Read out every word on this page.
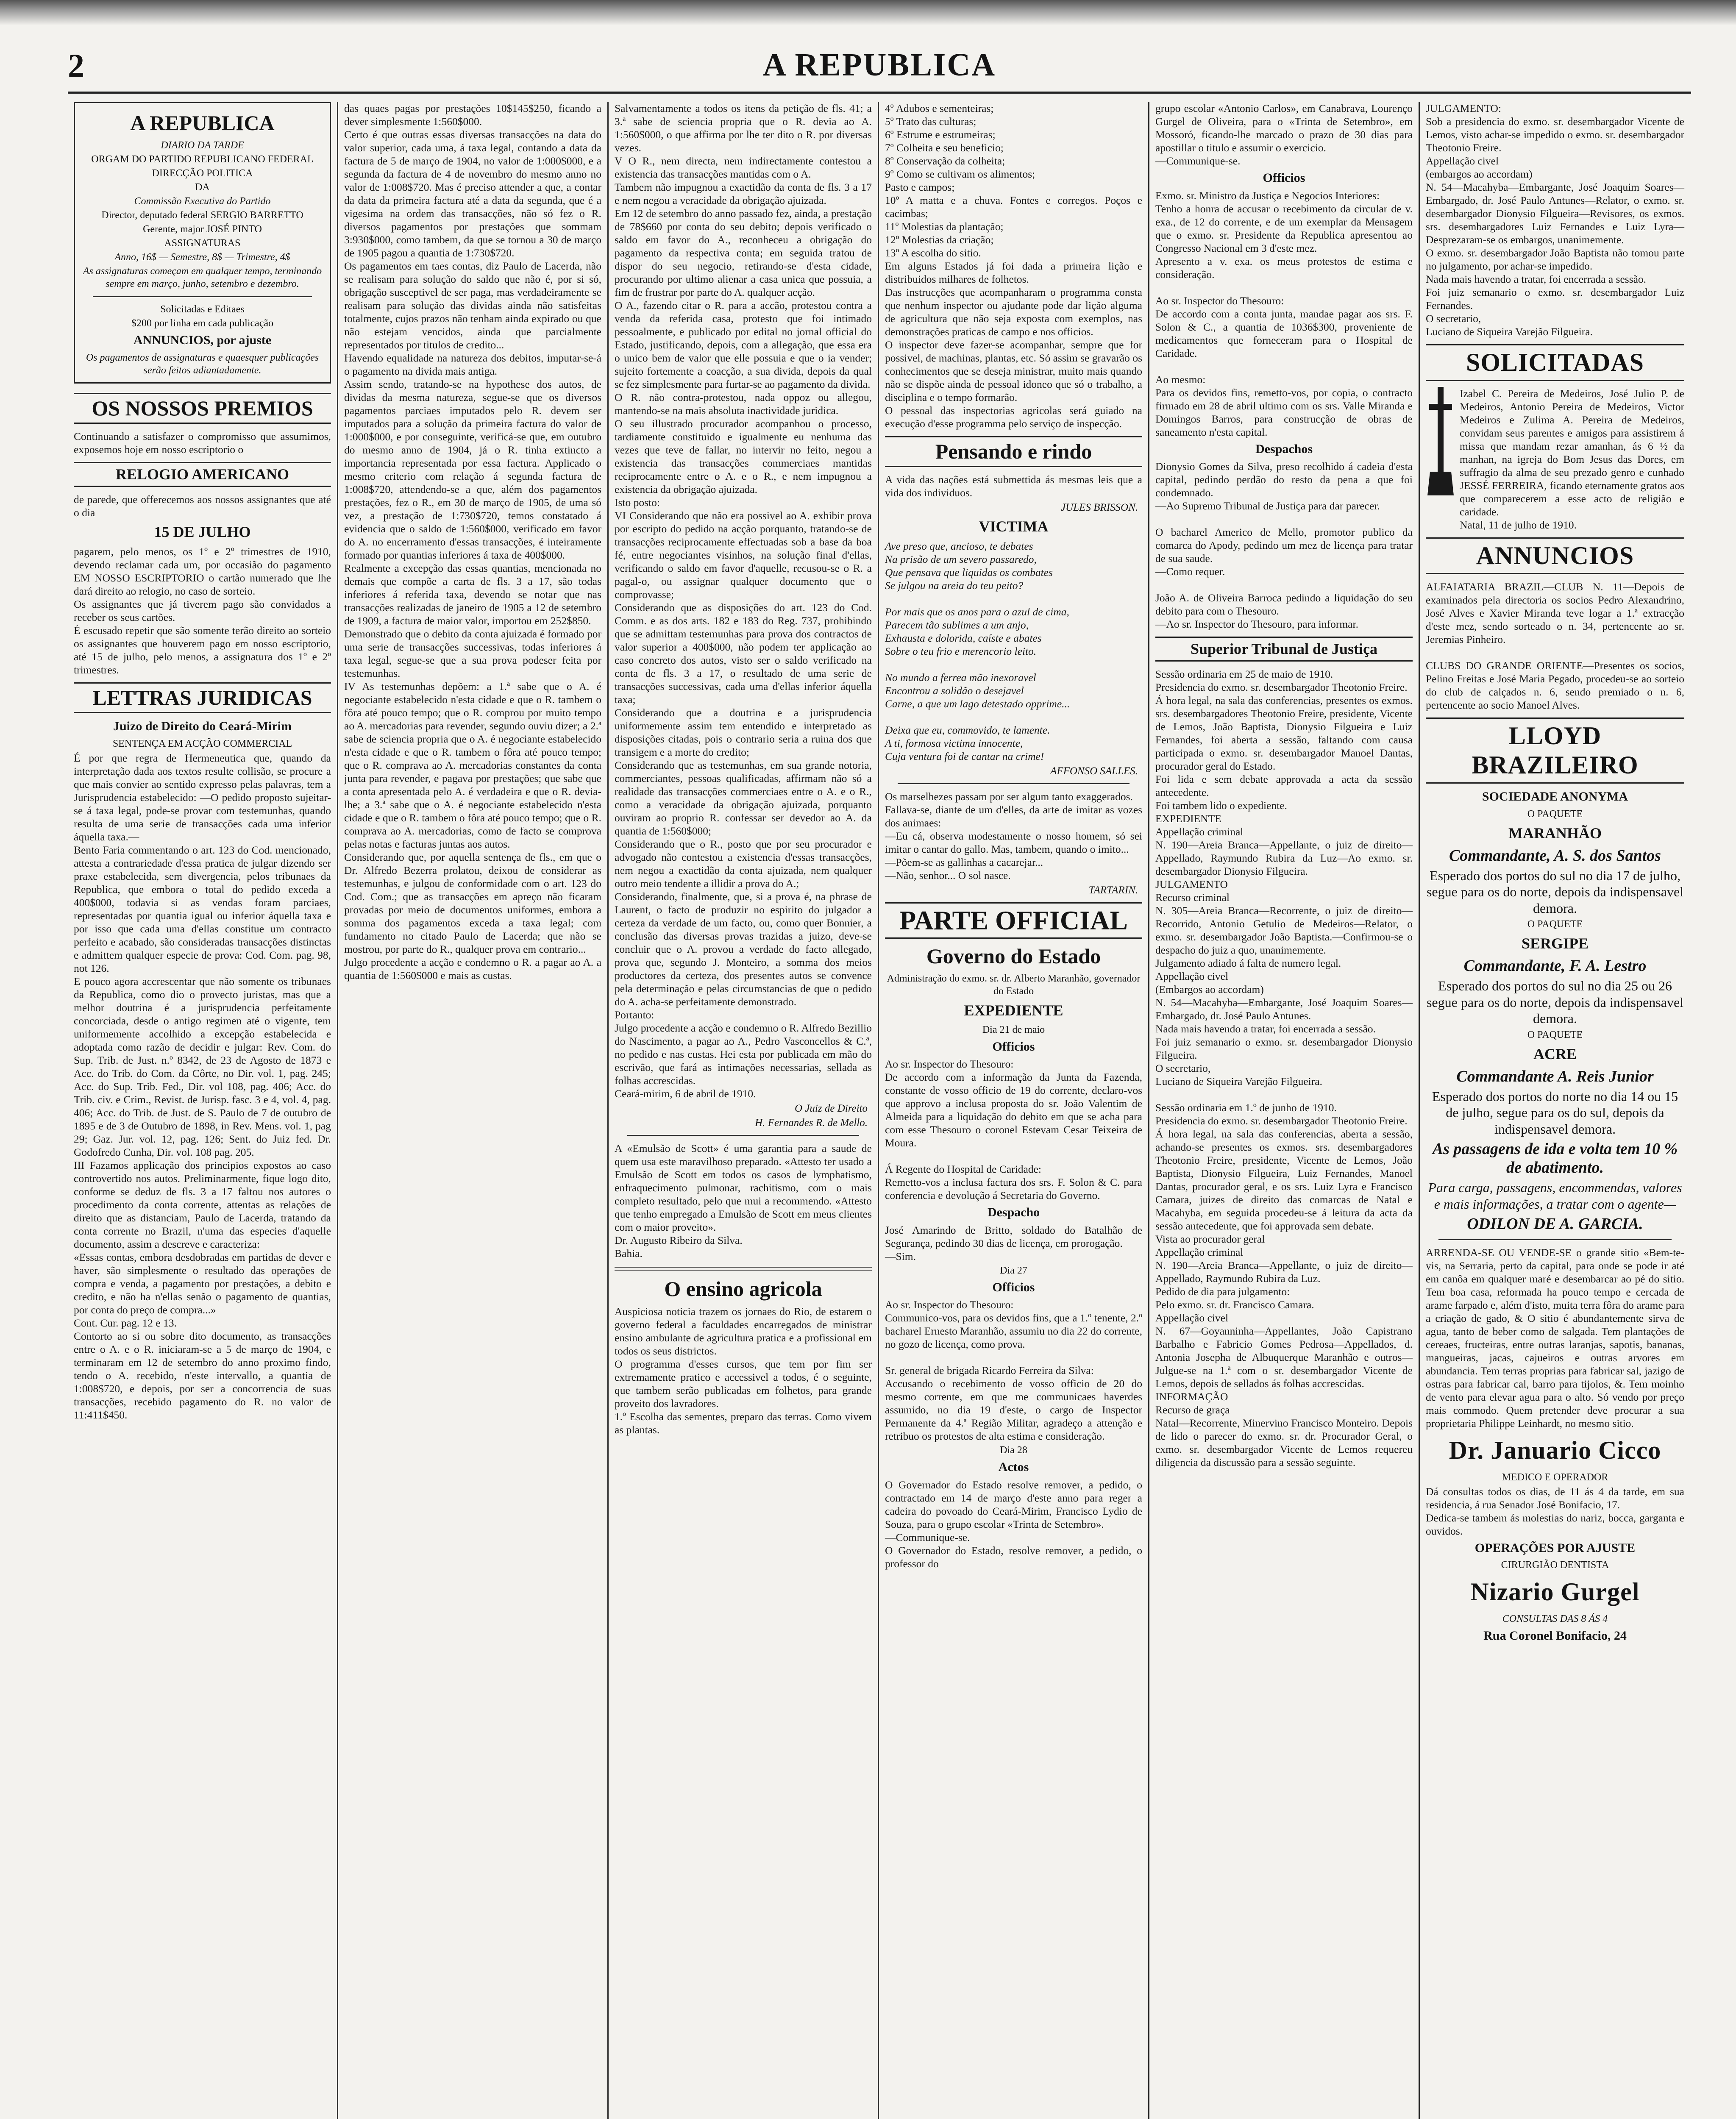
2	A REPUBLICA
A REPUBLICA
DIARIO DA TARDE
ORGAM DO PARTIDO REPUBLICANO FEDERAL
DIRECÇÃO POLITICA
DA
Commissão Executiva do Partido
Director, deputado federal SERGIO BARRETTO
Gerente, major JOSÉ PINTO
ASSIGNATURAS
Anno, 16$ — Semestre, 8$ — Trimestre, 4$
As assignaturas começam em qualquer tempo, terminando sempre em março, junho, setembro e dezembro.
Solicitadas e Editaes
$200 por linha em cada publicação
ANNUNCIOS, por ajuste
Os pagamentos de assignaturas e quaesquer publicações serão feitos adiantadamente.
OS NOSSOS PREMIOS

Continuando a satisfazer o compromisso que assumimos, exposemos hoje em nosso escriptorio o

RELOGIO AMERICANO

de parede, que offerecemos aos nossos assignantes que até o dia

15 DE JULHO

pagarem, pelo menos, os 1º e 2º trimestres de 1910, devendo reclamar cada um, por occasião do pagamento EM NOSSO ESCRIPTORIO o cartão numerado que lhe dará direito ao relogio, no caso de sorteio.
Os assignantes que já tiverem pago são convidados a receber os seus cartões.
É escusado repetir que são somente terão direito ao sorteio os assignantes que houverem pago em nosso escriptorio, até 15 de julho, pelo menos, a assignatura dos 1º e 2º trimestres.

LETTRAS JURIDICAS
Juizo de Direito do Ceará-Mirim
SENTENÇA EM ACÇÃO COMMERCIAL

É por que regra de Hermeneutica que, quando da interpretação dada aos textos resulte collisão, se procure a que mais convier ao sentido expresso pelas palavras, tem a Jurisprudencia estabelecido: —O pedido proposto sujeitar-se á taxa legal, pode-se provar com testemunhas, quando resulta de uma serie de transacções cada uma inferior áquella taxa.—
Bento Faria commentando o art. 123 do Cod. mencionado, attesta a contrariedade d'essa pratica de julgar dizendo ser praxe estabelecida, sem divergencia, pelos tribunaes da Republica, que embora o total do pedido exceda a 400$000, todavia si as vendas foram parciaes, representadas por quantia igual ou inferior áquella taxa e por isso que cada uma d'ellas constitue um contracto perfeito e acabado, são consideradas transacções distinctas e admittem qualquer especie de prova: Cod. Com. pag. 98, not 126.
E pouco agora accrescentar que não somente os tribunaes da Republica, como dio o provecto juristas, mas que a melhor doutrina é a jurisprudencia perfeitamente concorciada, desde o antigo regimen até o vigente, tem uniformemente accolhido a excepção estabelecida e adoptada como razão de decidir e julgar: Rev. Com. do Sup. Trib. de Just. n.º 8342, de 23 de Agosto de 1873 e Acc. do Trib. do Com. da Côrte, no Dir. vol. 1, pag. 245; Acc. do Sup. Trib. Fed., Dir. vol 108, pag. 406; Acc. do Trib. civ. e Crim., Revist. de Jurisp. fasc. 3 e 4, vol. 4, pag. 406; Acc. do Trib. de Just. de S. Paulo de 7 de outubro de 1895 e de 3 de Outubro de 1898, in Rev. Mens. vol. 1, pag 29; Gaz. Jur. vol. 12, pag. 126; Sent. do Juiz fed. Dr. Godofredo Cunha, Dir. vol. 108 pag. 205.
III Fazamos applicação dos principios expostos ao caso controvertido nos autos. Preliminarmente, fique logo dito, conforme se deduz de fls. 3 a 17 faltou nos autores o procedimento da conta corrente, attentas as relações de direito que as distanciam, Paulo de Lacerda, tratando da conta corrente no Brazil, n'uma das especies d'aquelle documento, assim a descreve e caracteriza:
«Essas contas, embora desdobradas em partidas de dever e haver, são simplesmente o resultado das operações de compra e venda, a pagamento por prestações, a debito e credito, e não ha n'ellas senão o pagamento de quantias, por conta do preço de compra...»
Cont. Cur. pag. 12 e 13.
Contorto ao si ou sobre dito documento, as transacções entre o A. e o R. iniciaram-se a 5 de março de 1904, e terminaram em 12 de setembro do anno proximo findo, tendo o A. recebido, n'este intervallo, a quantia de 1:008$720, e depois, por ser a concorrencia de suas transacções, recebido pagamento do R. no valor de 11:411$450.

das quaes pagas por prestações 10$145$250, ficando a dever simplesmente 1:560$000.
Certo é que outras essas diversas transacções na data do valor superior, cada uma, á taxa legal, contando a data da factura de 5 de março de 1904, no valor de 1:000$000, e a segunda da factura de 4 de novembro do mesmo anno no valor de 1:008$720. Mas é preciso attender a que, a contar da data da primeira factura até a data da segunda, que é a vigesima na ordem das transacções, não só fez o R. diversos pagamentos por prestações que sommam 3:930$000, como tambem, da que se tornou a 30 de março de 1905 pagou a quantia de 1:730$720.
Os pagamentos em taes contas, diz Paulo de Lacerda, não se realisam para solução do saldo que não é, por si só, obrigação susceptivel de ser paga, mas verdadeiramente se realisam para solução das dividas ainda não satisfeitas totalmente, cujos prazos não tenham ainda expirado ou que não estejam vencidos, ainda que parcialmente representados por titulos de credito...
Havendo equalidade na natureza dos debitos, imputar-se-á o pagamento na divida mais antiga.
Assim sendo, tratando-se na hypothese dos autos, de dividas da mesma natureza, segue-se que os diversos pagamentos parciaes imputados pelo R. devem ser imputados para a solução da primeira factura do valor de 1:000$000, e por conseguinte, verificá-se que, em outubro do mesmo anno de 1904, já o R. tinha extincto a importancia representada por essa factura. Applicado o mesmo criterio com relação á segunda factura de 1:008$720, attendendo-se a que, além dos pagamentos prestações, fez o R., em 30 de março de 1905, de uma só vez, a prestação de 1:730$720, temos constatado á evidencia que o saldo de 1:560$000, verificado em favor do A. no encerramento d'essas transacções, é inteiramente formado por quantias inferiores á taxa de 400$000.
Realmente a excepção das essas quantias, mencionada no demais que compõe a carta de fls. 3 a 17, são todas inferiores á referida taxa, devendo se notar que nas transacções realizadas de janeiro de 1905 a 12 de setembro de 1909, a factura de maior valor, importou em 252$850.
Demonstrado que o debito da conta ajuizada é formado por uma serie de transacções successivas, todas inferiores á taxa legal, segue-se que a sua prova podeser feita por testemunhas.
IV As testemunhas depõem: a 1.ª sabe que o A. é negociante estabelecido n'esta cidade e que o R. tambem o fôra até pouco tempo; que o R. comprou por muito tempo ao A. mercadorias para revender, segundo ouviu dizer; a 2.ª sabe de sciencia propria que o A. é negociante estabelecido n'esta cidade e que o R. tambem o fôra até pouco tempo; que o R. comprava ao A. mercadorias constantes da conta junta para revender, e pagava por prestações; que sabe que a conta apresentada pelo A. é verdadeira e que o R. devia-lhe; a 3.ª sabe que o A. é negociante estabelecido n'esta cidade e que o R. tambem o fôra até pouco tempo; que o R. comprava ao A. mercadorias, como de facto se comprova pelas notas e facturas juntas aos autos.
Considerando que, por aquella sentença de fls., em que o Dr. Alfredo Bezerra prolatou, deixou de considerar as testemunhas, e julgou de conformidade com o art. 123 do Cod. Com.; que as transacções em apreço não ficaram provadas por meio de documentos uniformes, embora a somma dos pagamentos exceda a taxa legal; com fundamento no citado Paulo de Lacerda; que não se mostrou, por parte do R., qualquer prova em contrario...
Julgo procedente a acção e condemno o R. a pagar ao A. a quantia de 1:560$000 e mais as custas.

Salvamentamente a todos os itens da petição de fls. 41; a 3.ª sabe de sciencia propria que o R. devia ao A. 1:560$000, o que affirma por lhe ter dito o R. por diversas vezes.
V O R., nem directa, nem indirectamente contestou a existencia das transacções mantidas com o A.
Tambem não impugnou a exactidão da conta de fls. 3 a 17 e nem negou a veracidade da obrigação ajuizada.
Em 12 de setembro do anno passado fez, ainda, a prestação de 78$660 por conta do seu debito; depois verificado o saldo em favor do A., reconheceu a obrigação do pagamento da respectiva conta; em seguida tratou de dispor do seu negocio, retirando-se d'esta cidade, procurando por ultimo alienar a casa unica que possuia, a fim de frustrar por parte do A. qualquer acção.
O A., fazendo citar o R. para a accão, protestou contra a venda da referida casa, protesto que foi intimado pessoalmente, e publicado por edital no jornal official do Estado, justificando, depois, com a allegação, que essa era o unico bem de valor que elle possuia e que o ia vender; sujeito fortemente a coacção, a sua divida, depois da qual se fez simplesmente para furtar-se ao pagamento da divida.
O R. não contra-protestou, nada oppoz ou allegou, mantendo-se na mais absoluta inactividade juridica.
O seu illustrado procurador acompanhou o processo, tardiamente constituido e igualmente eu nenhuma das vezes que teve de fallar, no intervir no feito, negou a existencia das transacções commerciaes mantidas reciprocamente entre o A. e o R., e nem impugnou a existencia da obrigação ajuizada.
Isto posto:
VI Considerando que não era possivel ao A. exhibir prova por escripto do pedido na acção porquanto, tratando-se de transacções reciprocamente effectuadas sob a base da boa fé, entre negociantes visinhos, na solução final d'ellas, verificando o saldo em favor d'aquelle, recusou-se o R. a pagal-o, ou assignar qualquer documento que o comprovasse;
Considerando que as disposições do art. 123 do Cod. Comm. e as dos arts. 182 e 183 do Reg. 737, prohibindo que se admittam testemunhas para prova dos contractos de valor superior a 400$000, não podem ter applicação ao caso concreto dos autos, visto ser o saldo verificado na conta de fls. 3 a 17, o resultado de uma serie de transacções successivas, cada uma d'ellas inferior áquella taxa;
Considerando que a doutrina e a jurisprudencia uniformemente assim tem entendido e interpretado as disposições citadas, pois o contrario seria a ruina dos que transigem e a morte do credito;
Considerando que as testemunhas, em sua grande notoria, commerciantes, pessoas qualificadas, affirmam não só a realidade das transacções commerciaes entre o A. e o R., como a veracidade da obrigação ajuizada, porquanto ouviram ao proprio R. confessar ser devedor ao A. da quantia de 1:560$000;
Considerando que o R., posto que por seu procurador e advogado não contestou a existencia d'essas transacções, nem negou a exactidão da conta ajuizada, nem qualquer outro meio tendente a illidir a prova do A.;
Considerando, finalmente, que, si a prova é, na phrase de Laurent, o facto de produzir no espirito do julgador a certeza da verdade de um facto, ou, como quer Bonnier, a conclusão das diversas provas trazidas a juizo, deve-se concluir que o A. provou a verdade do facto allegado, prova que, segundo J. Monteiro, a somma dos meios productores da certeza, dos presentes autos se convence pela determinação e pelas circumstancias de que o pedido do A. acha-se perfeitamente demonstrado.
Portanto:
Julgo procedente a acção e condemno o R. Alfredo Bezillio do Nascimento, a pagar ao A., Pedro Vasconcellos & C.ª, no pedido e nas custas. Hei esta por publicada em mão do escrivão, que fará as intimações necessarias, sellada as folhas accrescidas.
Ceará-mirim, 6 de abril de 1910.

O Juiz de Direito
H. Fernandes R. de Mello.

A «Emulsão de Scott» é uma garantia para a saude de quem usa este maravilhoso preparado. «Attesto ter usado a Emulsão de Scott em todos os casos de lymphatismo, enfraquecimento pulmonar, rachitismo, com o mais completo resultado, pelo que mui a recommendo. «Attesto que tenho empregado a Emulsão de Scott em meus clientes com o maior proveito».
Dr. Augusto Ribeiro da Silva.
Bahia.

O ensino agricola

Auspiciosa noticia trazem os jornaes do Rio, de estarem o governo federal a faculdades encarregados de ministrar ensino ambulante de agricultura pratica e a profissional em todos os seus districtos.
O programma d'esses cursos, que tem por fim ser extremamente pratico e accessivel a todos, é o seguinte, que tambem serão publicadas em folhetos, para grande proveito dos lavradores.
1.º Escolha das sementes, preparo das terras. Como vivem as plantas.

4º Adubos e sementeiras;
5º Trato das culturas;
6º Estrume e estrumeiras;
7º Colheita e seu beneficio;
8º Conservação da colheita;
9º Como se cultivam os alimentos;
Pasto e campos;
10º A matta e a chuva. Fontes e corregos. Poços e cacimbas;
11º Molestias da plantação;
12º Molestias da criação;
13º A escolha do sitio.
Em alguns Estados já foi dada a primeira lição e distribuidos milhares de folhetos.
Das instrucções que acompanharam o programma consta que nenhum inspector ou ajudante pode dar lição alguma de agricultura que não seja exposta com exemplos, nas demonstrações praticas de campo e nos officios.
O inspector deve fazer-se acompanhar, sempre que for possivel, de machinas, plantas, etc. Só assim se gravarão os conhecimentos que se deseja ministrar, muito mais quando não se dispõe ainda de pessoal idoneo que só o trabalho, a disciplina e o tempo formarão.
O pessoal das inspectorias agricolas será guiado na execução d'esse programma pelo serviço de inspecção.

Pensando e rindo

A vida das nações está submettida ás mesmas leis que a vida dos individuos.

JULES BRISSON.
VICTIMA

Ave preso que, ancioso, te debates
Na prisão de um severo passaredo,
Que pensava que liquidas os combates
Se julgou na areia do teu peito?

Por mais que os anos para o azul de cima,
Parecem tão sublimes a um anjo,
Exhausta e dolorida, caíste e abates
Sobre o teu frio e merencorio leito.

No mundo a ferrea mão inexoravel
Encontrou a solidão o desejavel
Carne, a que um lago detestado opprime...

Deixa que eu, commovido, te lamente.
A ti, formosa victima innocente,
Cuja ventura foi de cantar na crime!

AFFONSO SALLES.

Os marselhezes passam por ser algum tanto exaggerados.
Fallava-se, diante de um d'elles, da arte de imitar as vozes dos animaes:
—Eu cá, observa modestamente o nosso homem, só sei imitar o cantar do gallo. Mas, tambem, quando o imito...
—Põem-se as gallinhas a cacarejar...
—Não, senhor... O sol nasce.

TARTARIN.
PARTE OFFICIAL
Governo do Estado
Administração do exmo. sr. dr. Alberto Maranhão, governador do Estado
EXPEDIENTE
Dia 21 de maio
Officios

Ao sr. Inspector do Thesouro:
De accordo com a informação da Junta da Fazenda, constante de vosso officio de 19 do corrente, declaro-vos que approvo a inclusa proposta do sr. João Valentim de Almeida para a liquidação do debito em que se acha para com esse Thesouro o coronel Estevam Cesar Teixeira de Moura.

Á Regente do Hospital de Caridade:
Remetto-vos a inclusa factura dos srs. F. Solon & C. para conferencia e devolução á Secretaria do Governo.

Despacho

José Amarindo de Britto, soldado do Batalhão de Segurança, pedindo 30 dias de licença, em prorogação.
—Sim.

Dia 27
Officios

Ao sr. Inspector do Thesouro:
Communico-vos, para os devidos fins, que a 1.º tenente, 2.º bacharel Ernesto Maranhão, assumiu no dia 22 do corrente, no gozo de licença, como prova.

Sr. general de brigada Ricardo Ferreira da Silva:
Accusando o recebimento de vosso officio de 20 do mesmo corrente, em que me communicaes haverdes assumido, no dia 19 d'este, o cargo de Inspector Permanente da 4.ª Região Militar, agradeço a attenção e retribuo os protestos de alta estima e consideração.

Dia 28
Actos

O Governador do Estado resolve remover, a pedido, o contractado em 14 de março d'este anno para reger a cadeira do povoado do Ceará-Mirim, Francisco Lydio de Souza, para o grupo escolar «Trinta de Setembro».
—Communique-se.
O Governador do Estado, resolve remover, a pedido, o professor do

grupo escolar «Antonio Carlos», em Canabrava, Lourenço Gurgel de Oliveira, para o «Trinta de Setembro», em Mossoró, ficando-lhe marcado o prazo de 30 dias para apostillar o titulo e assumir o exercicio.
—Communique-se.

Officios

Exmo. sr. Ministro da Justiça e Negocios Interiores:
Tenho a honra de accusar o recebimento da circular de v. exa., de 12 do corrente, e de um exemplar da Mensagem que o exmo. sr. Presidente da Republica apresentou ao Congresso Nacional em 3 d'este mez.
Apresento a v. exa. os meus protestos de estima e consideração.

Ao sr. Inspector do Thesouro:
De accordo com a conta junta, mandae pagar aos srs. F. Solon & C., a quantia de 1036$300, proveniente de medicamentos que forneceram para o Hospital de Caridade.

Ao mesmo:
Para os devidos fins, remetto-vos, por copia, o contracto firmado em 28 de abril ultimo com os srs. Valle Miranda e Domingos Barros, para construcção de obras de saneamento n'esta capital.

Despachos

Dionysio Gomes da Silva, preso recolhido á cadeia d'esta capital, pedindo perdão do resto da pena a que foi condemnado.
—Ao Supremo Tribunal de Justiça para dar parecer.

O bacharel Americo de Mello, promotor publico da comarca do Apody, pedindo um mez de licença para tratar de sua saude.
—Como requer.

João A. de Oliveira Barroca pedindo a liquidação do seu debito para com o Thesouro.
—Ao sr. Inspector do Thesouro, para informar.

Superior Tribunal de Justiça

Sessão ordinaria em 25 de maio de 1910.
Presidencia do exmo. sr. desembargador Theotonio Freire.
Á hora legal, na sala das conferencias, presentes os exmos. srs. desembargadores Theotonio Freire, presidente, Vicente de Lemos, João Baptista, Dionysio Filgueira e Luiz Fernandes, foi aberta a sessão, faltando com causa participada o exmo. sr. desembargador Manoel Dantas, procurador geral do Estado.
Foi lida e sem debate approvada a acta da sessão antecedente.
Foi tambem lido o expediente.
EXPEDIENTE
Appellação criminal
N. 190—Areia Branca—Appellante, o juiz de direito—Appellado, Raymundo Rubira da Luz—Ao exmo. sr. desembargador Dionysio Filgueira.
JULGAMENTO
Recurso criminal
N. 305—Areia Branca—Recorrente, o juiz de direito—Recorrido, Antonio Getulio de Medeiros—Relator, o exmo. sr. desembargador João Baptista.—Confirmou-se o despacho do juiz a quo, unanimemente.
Julgamento adiado á falta de numero legal.
Appellação civel
(Embargos ao accordam)
N. 54—Macahyba—Embargante, José Joaquim Soares—Embargado, dr. José Paulo Antunes.
Nada mais havendo a tratar, foi encerrada a sessão.
Foi juiz semanario o exmo. sr. desembargador Dionysio Filgueira.
O secretario,
Luciano de Siqueira Varejão Filgueira.

Sessão ordinaria em 1.º de junho de 1910.
Presidencia do exmo. sr. desembargador Theotonio Freire.
Á hora legal, na sala das conferencias, aberta a sessão, achando-se presentes os exmos. srs. desembargadores Theotonio Freire, presidente, Vicente de Lemos, João Baptista, Dionysio Filgueira, Luiz Fernandes, Manoel Dantas, procurador geral, e os srs. Luiz Lyra e Francisco Camara, juizes de direito das comarcas de Natal e Macahyba, em seguida procedeu-se á leitura da acta da sessão antecedente, que foi approvada sem debate.
Vista ao procurador geral
Appellação criminal
N. 190—Areia Branca—Appellante, o juiz de direito—Appellado, Raymundo Rubira da Luz.
Pedido de dia para julgamento:
Pelo exmo. sr. dr. Francisco Camara.
Appellação civel
N. 67—Goyanninha—Appellantes, João Capistrano Barbalho e Fabricio Gomes Pedrosa—Appellados, d. Antonia Josepha de Albuquerque Maranhão e outros—Julgue-se na 1.ª com o sr. desembargador Vicente de Lemos, depois de sellados ás folhas accrescidas.
INFORMAÇÃO
Recurso de graça
Natal—Recorrente, Minervino Francisco Monteiro. Depois de lido o parecer do exmo. sr. dr. Procurador Geral, o exmo. sr. desembargador Vicente de Lemos requereu diligencia da discussão para a sessão seguinte.

JULGAMENTO:
Sob a presidencia do exmo. sr. desembargador Vicente de Lemos, visto achar-se impedido o exmo. sr. desembargador Theotonio Freire.
Appellação civel
(embargos ao accordam)
N. 54—Macahyba—Embargante, José Joaquim Soares—Embargado, dr. José Paulo Antunes—Relator, o exmo. sr. desembargador Dionysio Filgueira—Revisores, os exmos. srs. desembargadores Luiz Fernandes e Luiz Lyra—Desprezaram-se os embargos, unanimemente.
O exmo. sr. desembargador João Baptista não tomou parte no julgamento, por achar-se impedido.
Nada mais havendo a tratar, foi encerrada a sessão.
Foi juiz semanario o exmo. sr. desembargador Luiz Fernandes.
O secretario,
Luciano de Siqueira Varejão Filgueira.

SOLICITADAS

Izabel C. Pereira de Medeiros, José Julio P. de Medeiros, Antonio Pereira de Medeiros, Victor Medeiros e Zulima A. Pereira de Medeiros, convidam seus parentes e amigos para assistirem á missa que mandam rezar amanhan, ás 6 ½ da manhan, na igreja do Bom Jesus das Dores, em suffragio da alma de seu prezado genro e cunhado JESSÉ FERREIRA, ficando eternamente gratos aos que comparecerem a esse acto de religião e caridade.
Natal, 11 de julho de 1910.

ANNUNCIOS

ALFAIATARIA BRAZIL—CLUB N. 11—Depois de examinados pela directoria os socios Pedro Alexandrino, José Alves e Xavier Miranda teve logar a 1.ª extracção d'este mez, sendo sorteado o n. 34, pertencente ao sr. Jeremias Pinheiro.

CLUBS DO GRANDE ORIENTE—Presentes os socios, Pelino Freitas e José Maria Pegado, procedeu-se ao sorteio do club de calçados n. 6, sendo premiado o n. 6, pertencente ao socio Manoel Alves.

LLOYD BRAZILEIRO
SOCIEDADE ANONYMA
O PAQUETE
MARANHÃO
Commandante, A. S. dos Santos
Esperado dos portos do sul no dia 17 de julho, segue para os do norte, depois da indispensavel demora.
O PAQUETE
SERGIPE
Commandante, F. A. Lestro
Esperado dos portos do sul no dia 25 ou 26 segue para os do norte, depois da indispensavel demora.
O PAQUETE
ACRE
Commandante A. Reis Junior
Esperado dos portos do norte no dia 14 ou 15 de julho, segue para os do sul, depois da indispensavel demora.
As passagens de ida e volta tem 10 % de abatimento.
Para carga, passagens, encommendas, valores e mais informações, a tratar com o agente—
ODILON DE A. GARCIA.

ARRENDA-SE OU VENDE-SE o grande sitio «Bem-te-vis, na Serraria, perto da capital, para onde se pode ir até em canôa em qualquer maré e desembarcar ao pé do sitio. Tem boa casa, reformada ha pouco tempo e cercada de arame farpado e, além d'isto, muita terra fôra do arame para a criação de gado, & O sitio é abundantemente sirva de agua, tanto de beber como de salgada. Tem plantações de cereaes, fructeiras, entre outras laranjas, sapotis, bananas, mangueiras, jacas, cajueiros e outras arvores em abundancia. Tem terras proprias para fabricar sal, jazigo de ostras para fabricar cal, barro para tijolos, &. Tem moinho de vento para elevar agua para o alto. Só vendo por preço mais commodo. Quem pretender deve procurar a sua proprietaria Philippe Leinhardt, no mesmo sitio.

Dr. Januario Cicco
MEDICO E OPERADOR

Dá consultas todos os dias, de 11 ás 4 da tarde, em sua residencia, á rua Senador José Bonifacio, 17.
Dedica-se tambem ás molestias do nariz, bocca, garganta e ouvidos.

OPERAÇÕES POR AJUSTE
CIRURGIÃO DENTISTA
Nizario Gurgel
CONSULTAS DAS 8 ÁS 4
Rua Coronel Bonifacio, 24
